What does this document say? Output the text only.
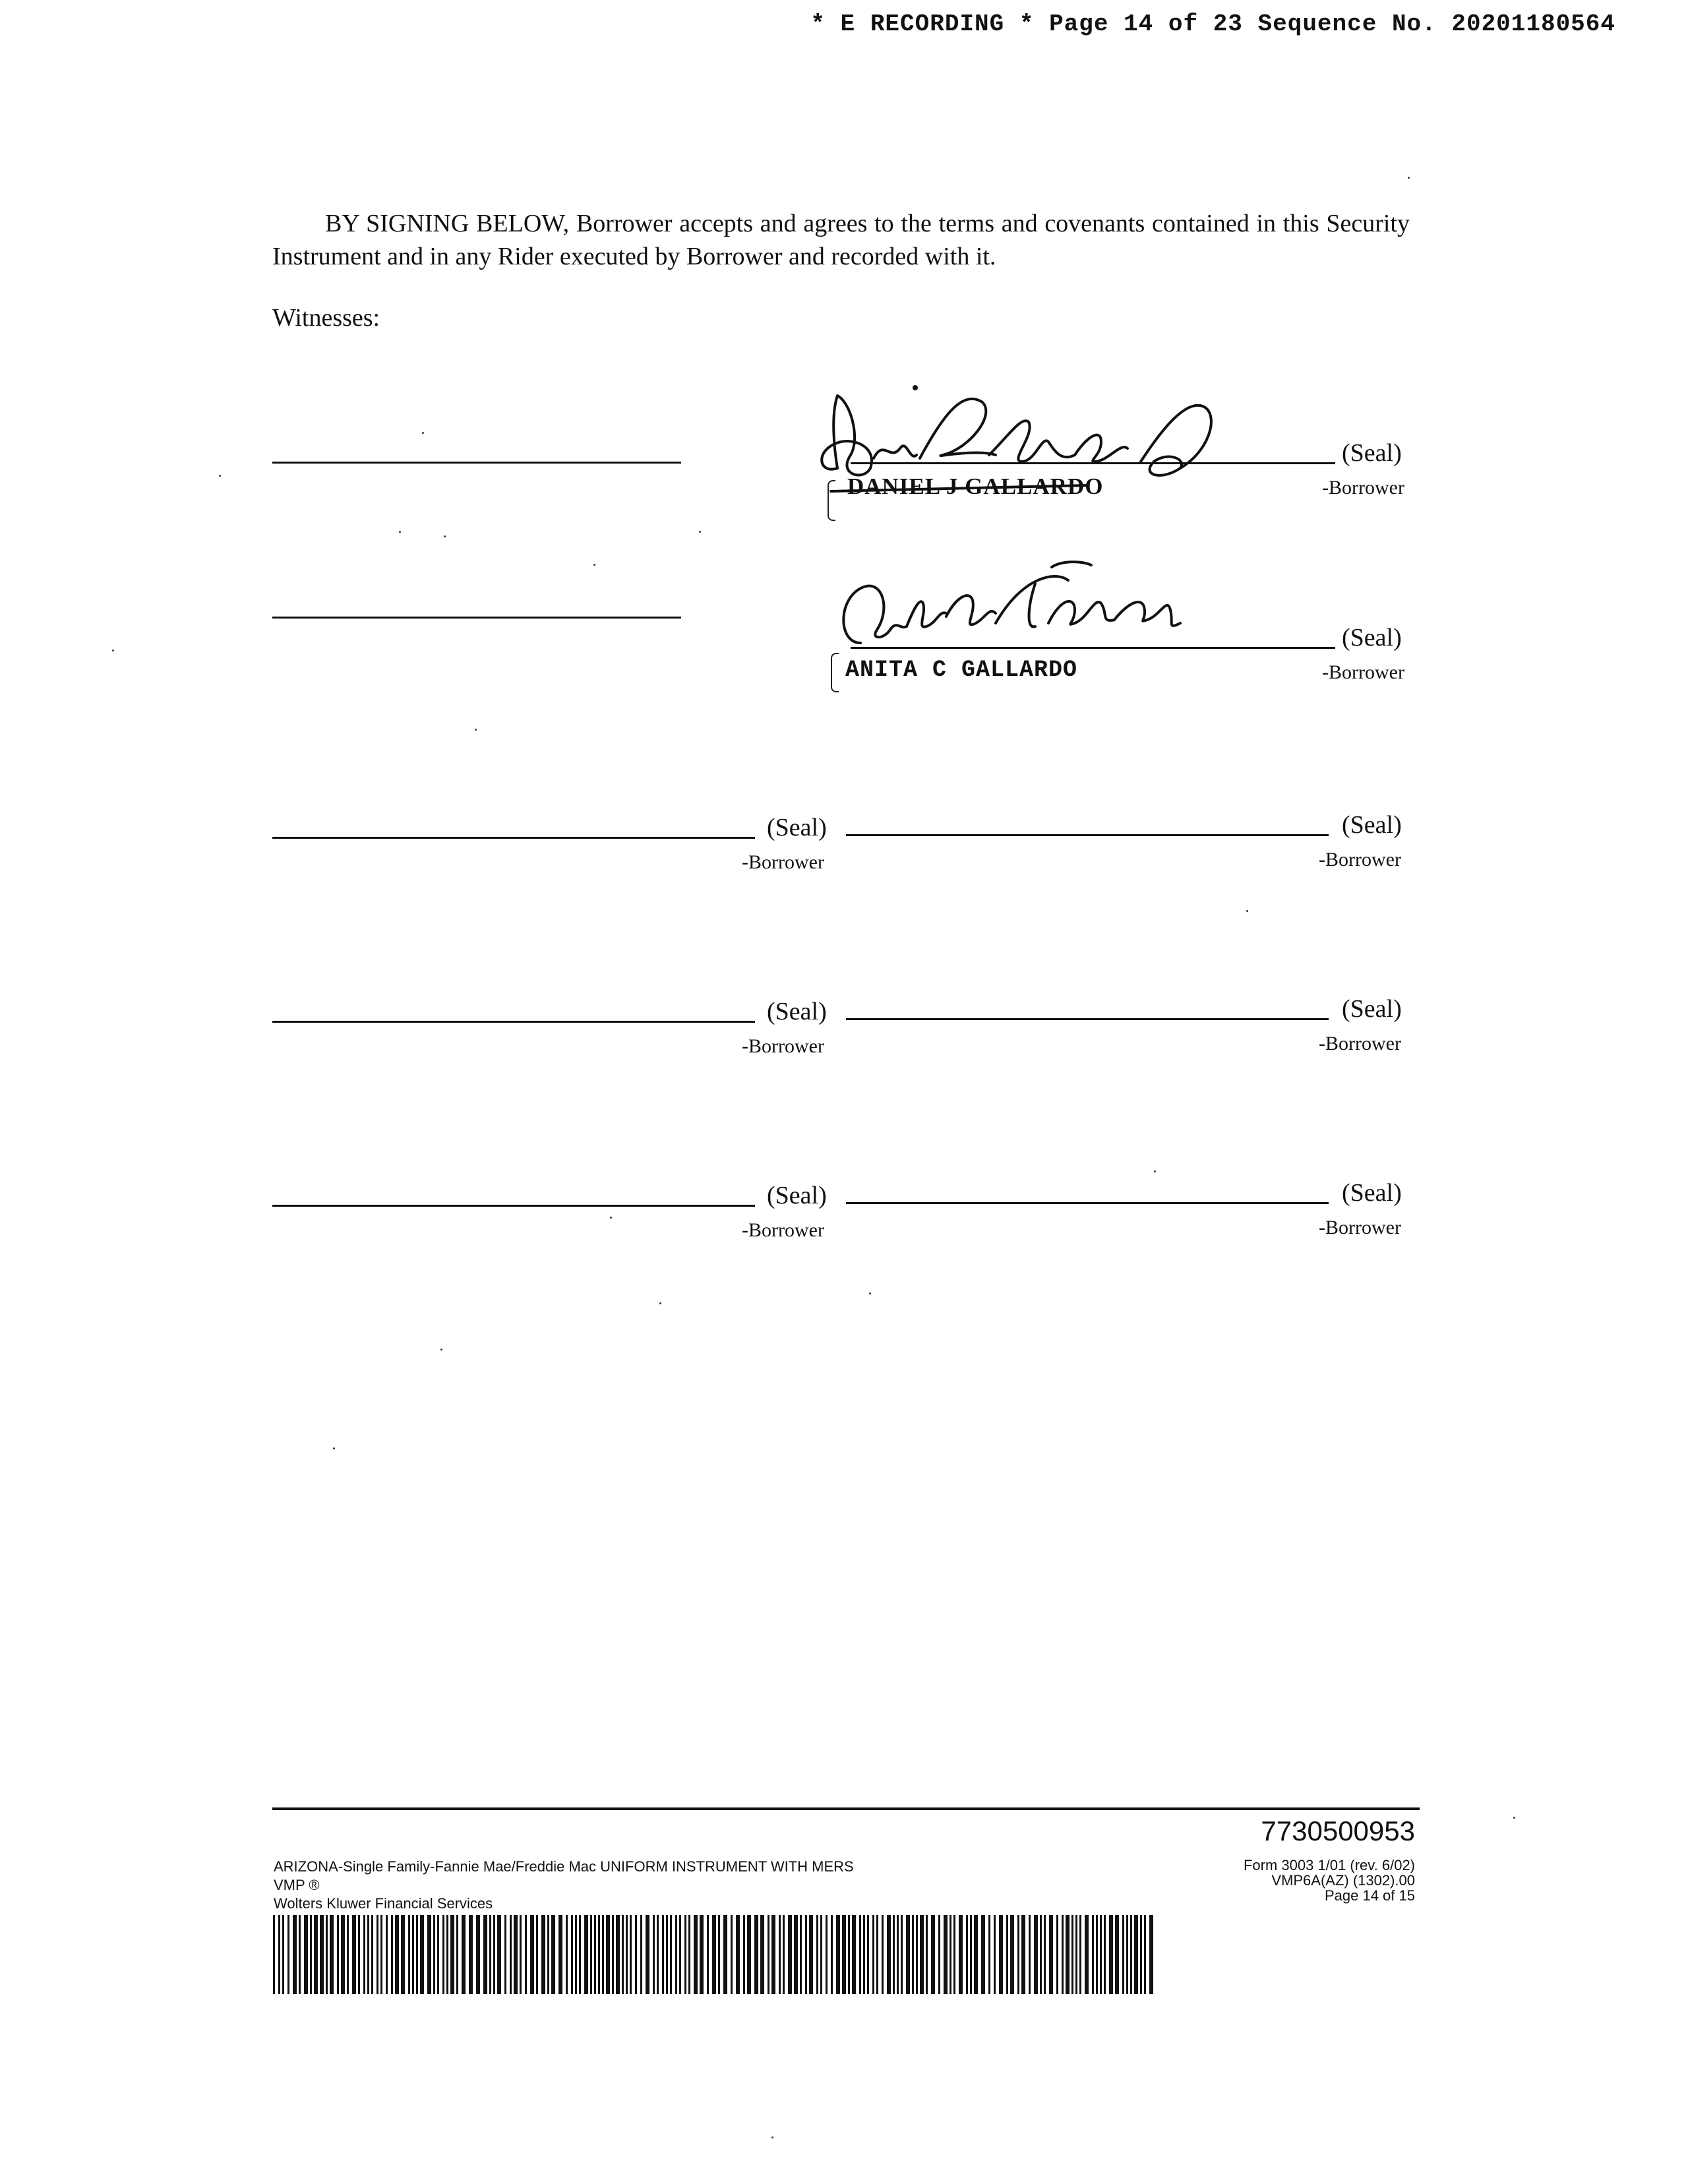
* E RECORDING * Page 14 of 23 Sequence No. 20201180564
BY SIGNING BELOW, Borrower accepts and agrees to the terms and covenants contained in this Security Instrument and in any Rider executed by Borrower and recorded with it.
Witnesses:
(Seal)
-Borrower
DANIEL J GALLARDO
(Seal)
-Borrower
ANITA C GALLARDO
(Seal)
-Borrower
(Seal)
-Borrower
(Seal)
-Borrower
(Seal)
-Borrower
(Seal)
-Borrower
(Seal)
-Borrower
7730500953
ARIZONA-Single Family-Fannie Mae/Freddie Mac UNIFORM INSTRUMENT WITH MERS
VMP ®
Wolters Kluwer Financial Services
Form 3003 1/01 (rev. 6/02)
VMP6A(AZ) (1302).00
Page 14 of 15
